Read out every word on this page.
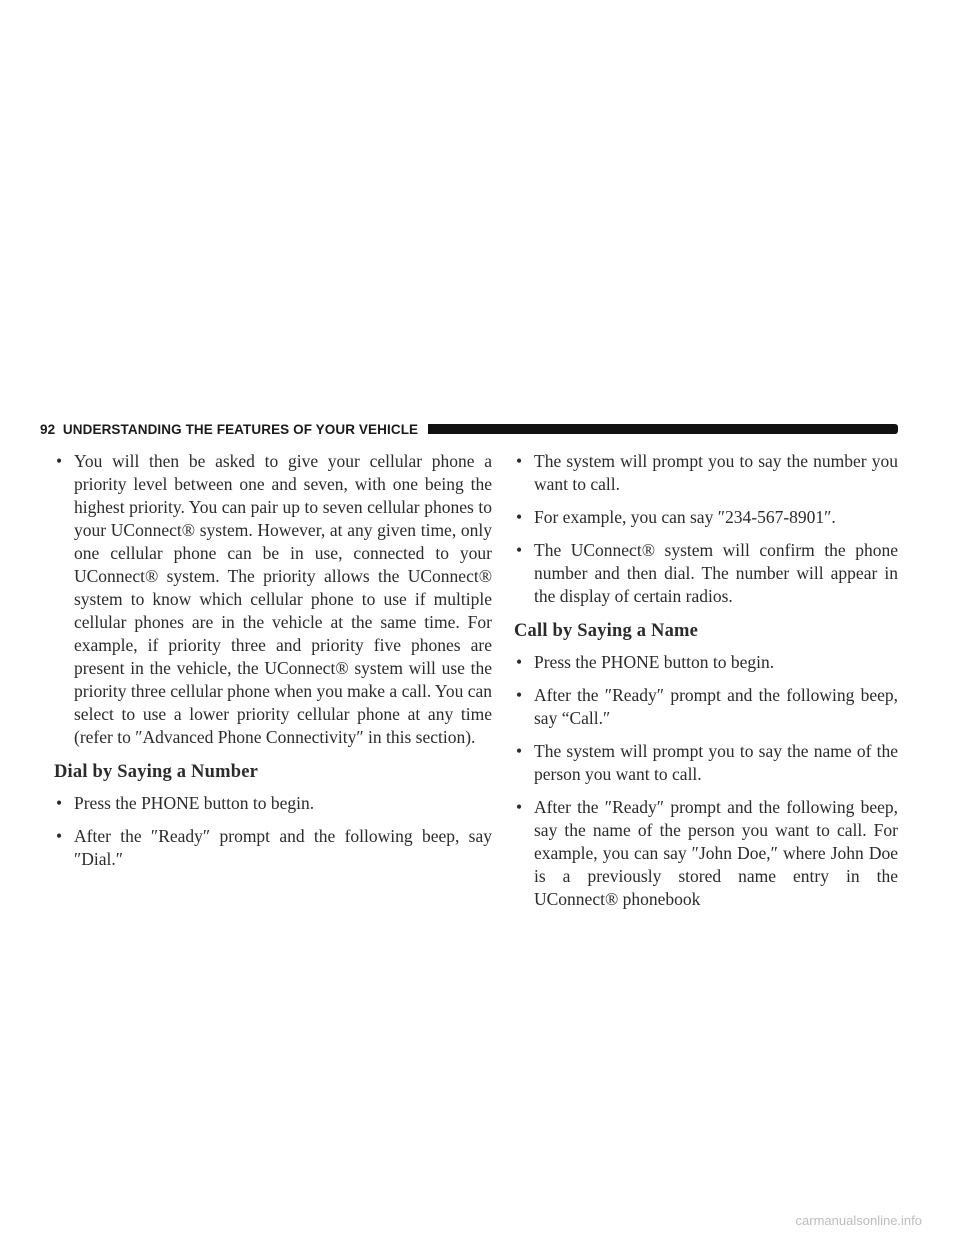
92 UNDERSTANDING THE FEATURES OF YOUR VEHICLE

• You will then be asked to give your cellular phone a priority level between one and seven, with one being the highest priority. You can pair up to seven cellular phones to your UConnect® system. However, at any given time, only one cellular phone can be in use, connected to your UConnect® system. The priority allows the UConnect® system to know which cellular phone to use if multiple cellular phones are in the vehicle at the same time. For example, if priority three and priority five phones are present in the vehicle, the UConnect® system will use the priority three cellular phone when you make a call. You can select to use a lower priority cellular phone at any time (refer to ″Advanced Phone Connectivity″ in this section).

Dial by Saying a Number

• Press the PHONE button to begin.

• After the ″Ready″ prompt and the following beep, say ″Dial.″

• The system will prompt you to say the number you want to call.

• For example, you can say ″234-567-8901″.

• The UConnect® system will confirm the phone number and then dial. The number will appear in the display of certain radios.

Call by Saying a Name

• Press the PHONE button to begin.

• After the ″Ready″ prompt and the following beep, say “Call.″

• The system will prompt you to say the name of the person you want to call.

• After the ″Ready″ prompt and the following beep, say the name of the person you want to call. For example, you can say ″John Doe,″ where John Doe is a previously stored name entry in the UConnect® phonebook

carmanualsonline.info
